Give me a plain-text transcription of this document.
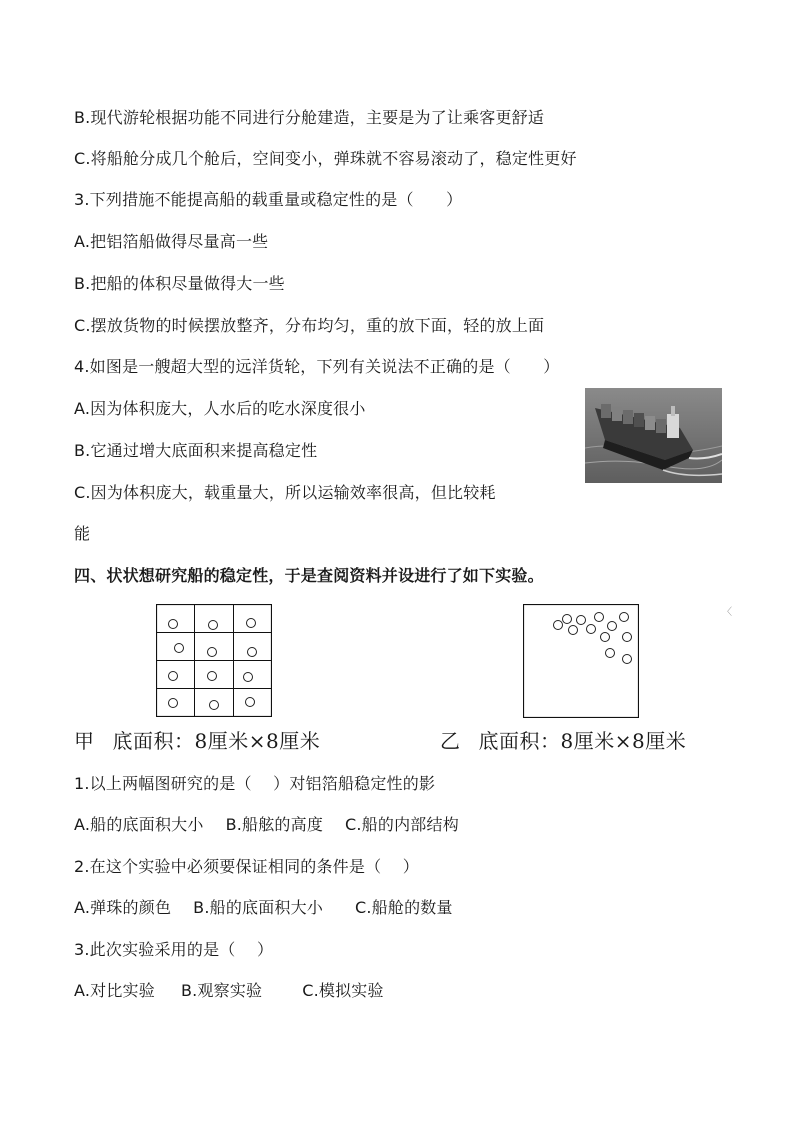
B.现代游轮根据功能不同进行分舱建造，主要是为了让乘客更舒适
C.将船舱分成几个舱后，空间变小，弹珠就不容易滚动了，稳定性更好
3.下列措施不能提高船的载重量或稳定性的是（　　）
A.把铝箔船做得尽量高一些
B.把船的体积尽量做得大一些
C.摆放货物的时候摆放整齐，分布均匀，重的放下面，轻的放上面
4.如图是一艘超大型的远洋货轮，下列有关说法不正确的是（　　）
A.因为体积庞大，人水后的吃水深度很小
B.它通过增大底面积来提高稳定性
C.因为体积庞大，载重量大，所以运输效率很高，但比较耗
能
四、状状想研究船的稳定性，于是查阅资料并设进行了如下实验。
〈
甲 底面积：8厘米×8厘米	乙 底面积：8厘米×8厘米
1.以上两幅图研究的是（　 ）对铝箔船稳定性的影
A.船的底面积大小 B.船舷的高度 C.船的内部结构
2.在这个实验中必须要保证相同的条件是（　 ）
A.弹珠的颜色 B.船的底面积大小 C.船舱的数量
3.此次实验采用的是（　 ）
A.对比实验 B.观察实验	C.模拟实验
